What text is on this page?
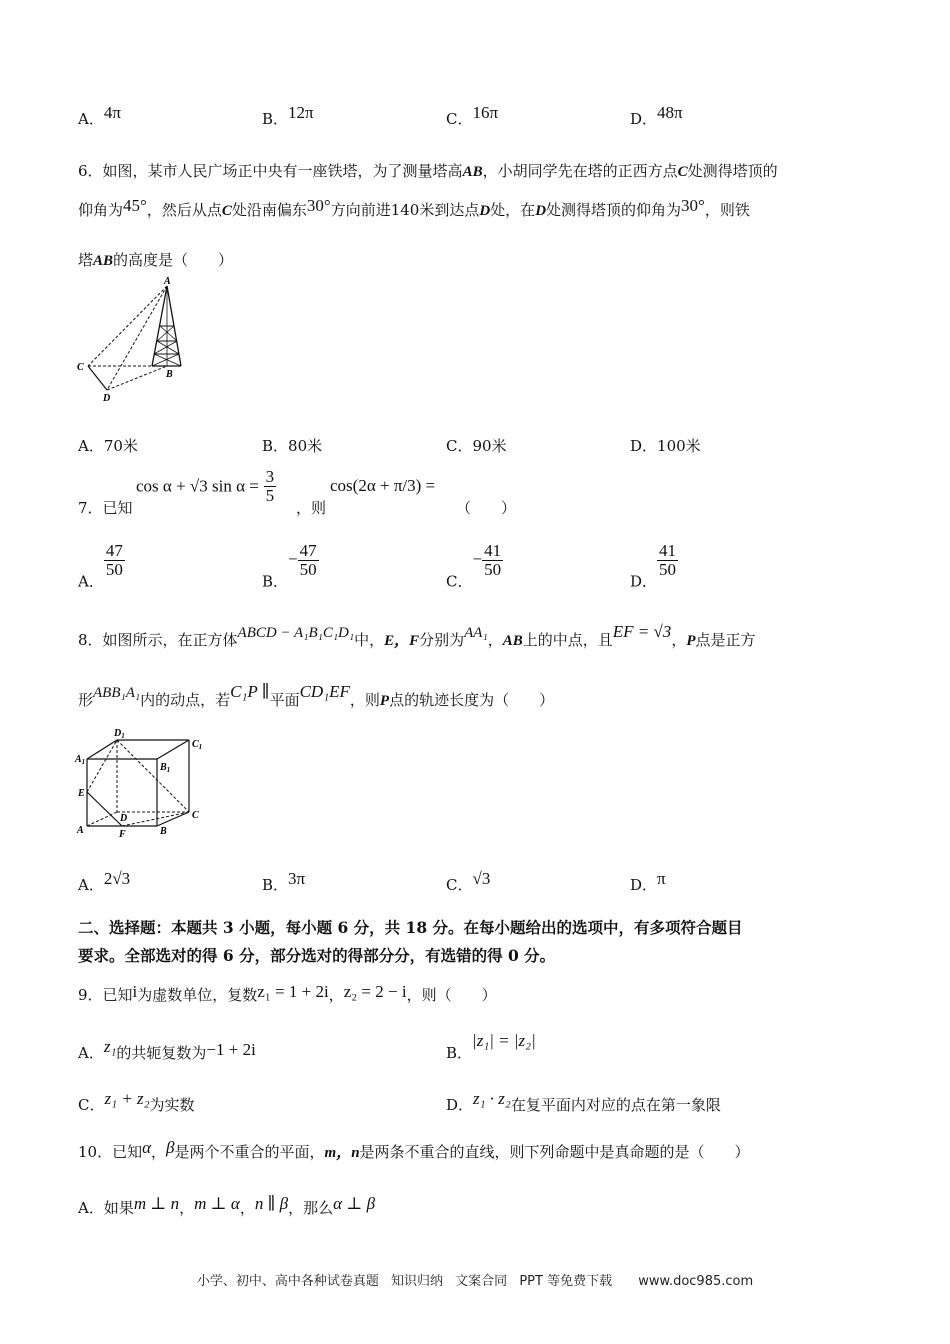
A．4π	B．12π	C．16π	D．48π
6．如图，某市人民广场正中央有一座铁塔，为了测量塔高AB，小胡同学先在塔的正西方点C处测得塔顶的
仰角为45°，然后从点C处沿南偏东30°方向前进140米到达点D处，在D处测得塔顶的仰角为30°，则铁
塔AB的高度是（　　）
A
B
C
D
A．70米	B．80米	C．90米	D．100米
7．已知
cos α + √3 $\sin \alpha = \frac{3}{5}$
，则
cos(2α + π/3) =
（　　）
A．
$\frac{47}{50}$
B．− $\frac{47}{50}$
C．− $\frac{41}{50}$
D．
$\frac{41}{50}$
8．如图所示，在正方体ABCD − A₁B₁C₁D₁中，E，F分别为AA₁，AB上的中点，且EF = √3，P点是正方
形ABB₁A₁内的动点，若C₁P ∥平面CD₁EF，则P点的轨迹长度为（　　）
$A_1$
$D_1$
$C_1$
$B_1$
E
D	C
A	F	B
A．2√3	B．3π	C．√3	D．π
二、选择题：本题共 3 小题，每小题 6 分，共 18 分。在每小题给出的选项中，有多项符合题目
要求。全部选对的得 6 分，部分选对的得部分分，有选错的得 0 分。
9．已知i为虚数单位，复数z₁ = 1 + 2i，z₂ = 2 − i，则（　　）
A．z₁的共轭复数为−1 + 2i	B．|z₁| = |z₂|
C．z₁ + z₂为实数	D．z₁ · z₂在复平面内对应的点在第一象限
10．已知α，β是两个不重合的平面，m，n是两条不重合的直线，则下列命题中是真命题的是（　　）
A．如果m ⊥ n，m ⊥ α，n ∥ β，那么α ⊥ β
小学、初中、高中各种试卷真题 知识归纳 文案合同 PPT 等免费下载 www.doc985.com
